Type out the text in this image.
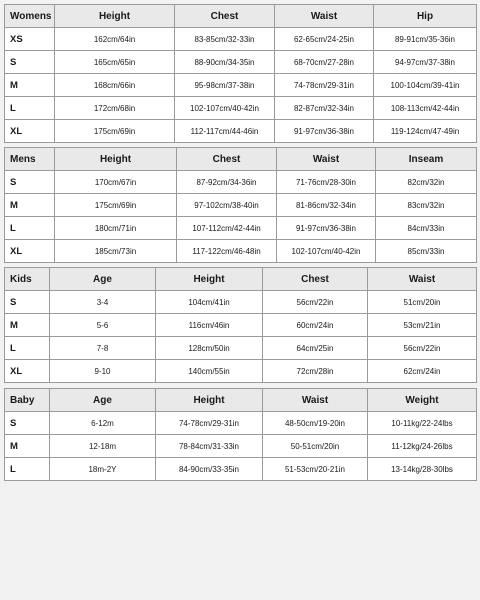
Womens	Height	Chest	Waist	Hip
XS	162cm/64in	83-85cm/32-33in	62-65cm/24-25in	89-91cm/35-36in
S	165cm/65in	88-90cm/34-35in	68-70cm/27-28in	94-97cm/37-38in
M	168cm/66in	95-98cm/37-38in	74-78cm/29-31in	100-104cm/39-41in
L	172cm/68in	102-107cm/40-42in	82-87cm/32-34in	108-113cm/42-44in
XL	175cm/69in	112-117cm/44-46in	91-97cm/36-38in	119-124cm/47-49in
Mens	Height	Chest	Waist	Inseam
S	170cm/67in	87-92cm/34-36in	71-76cm/28-30in	82cm/32in
M	175cm/69in	97-102cm/38-40in	81-86cm/32-34in	83cm/32in
L	180cm/71in	107-112cm/42-44in	91-97cm/36-38in	84cm/33in
XL	185cm/73in	117-122cm/46-48in	102-107cm/40-42in	85cm/33in
Kids	Age	Height	Chest	Waist
S	3-4	104cm/41in	56cm/22in	51cm/20in
M	5-6	116cm/46in	60cm/24in	53cm/21in
L	7-8	128cm/50in	64cm/25in	56cm/22in
XL	9-10	140cm/55in	72cm/28in	62cm/24in
Baby	Age	Height	Waist	Weight
S	6-12m	74-78cm/29-31in	48-50cm/19-20in	10-11kg/22-24lbs
M	12-18m	78-84cm/31-33in	50-51cm/20in	11-12kg/24-26lbs
L	18m-2Y	84-90cm/33-35in	51-53cm/20-21in	13-14kg/28-30lbs
